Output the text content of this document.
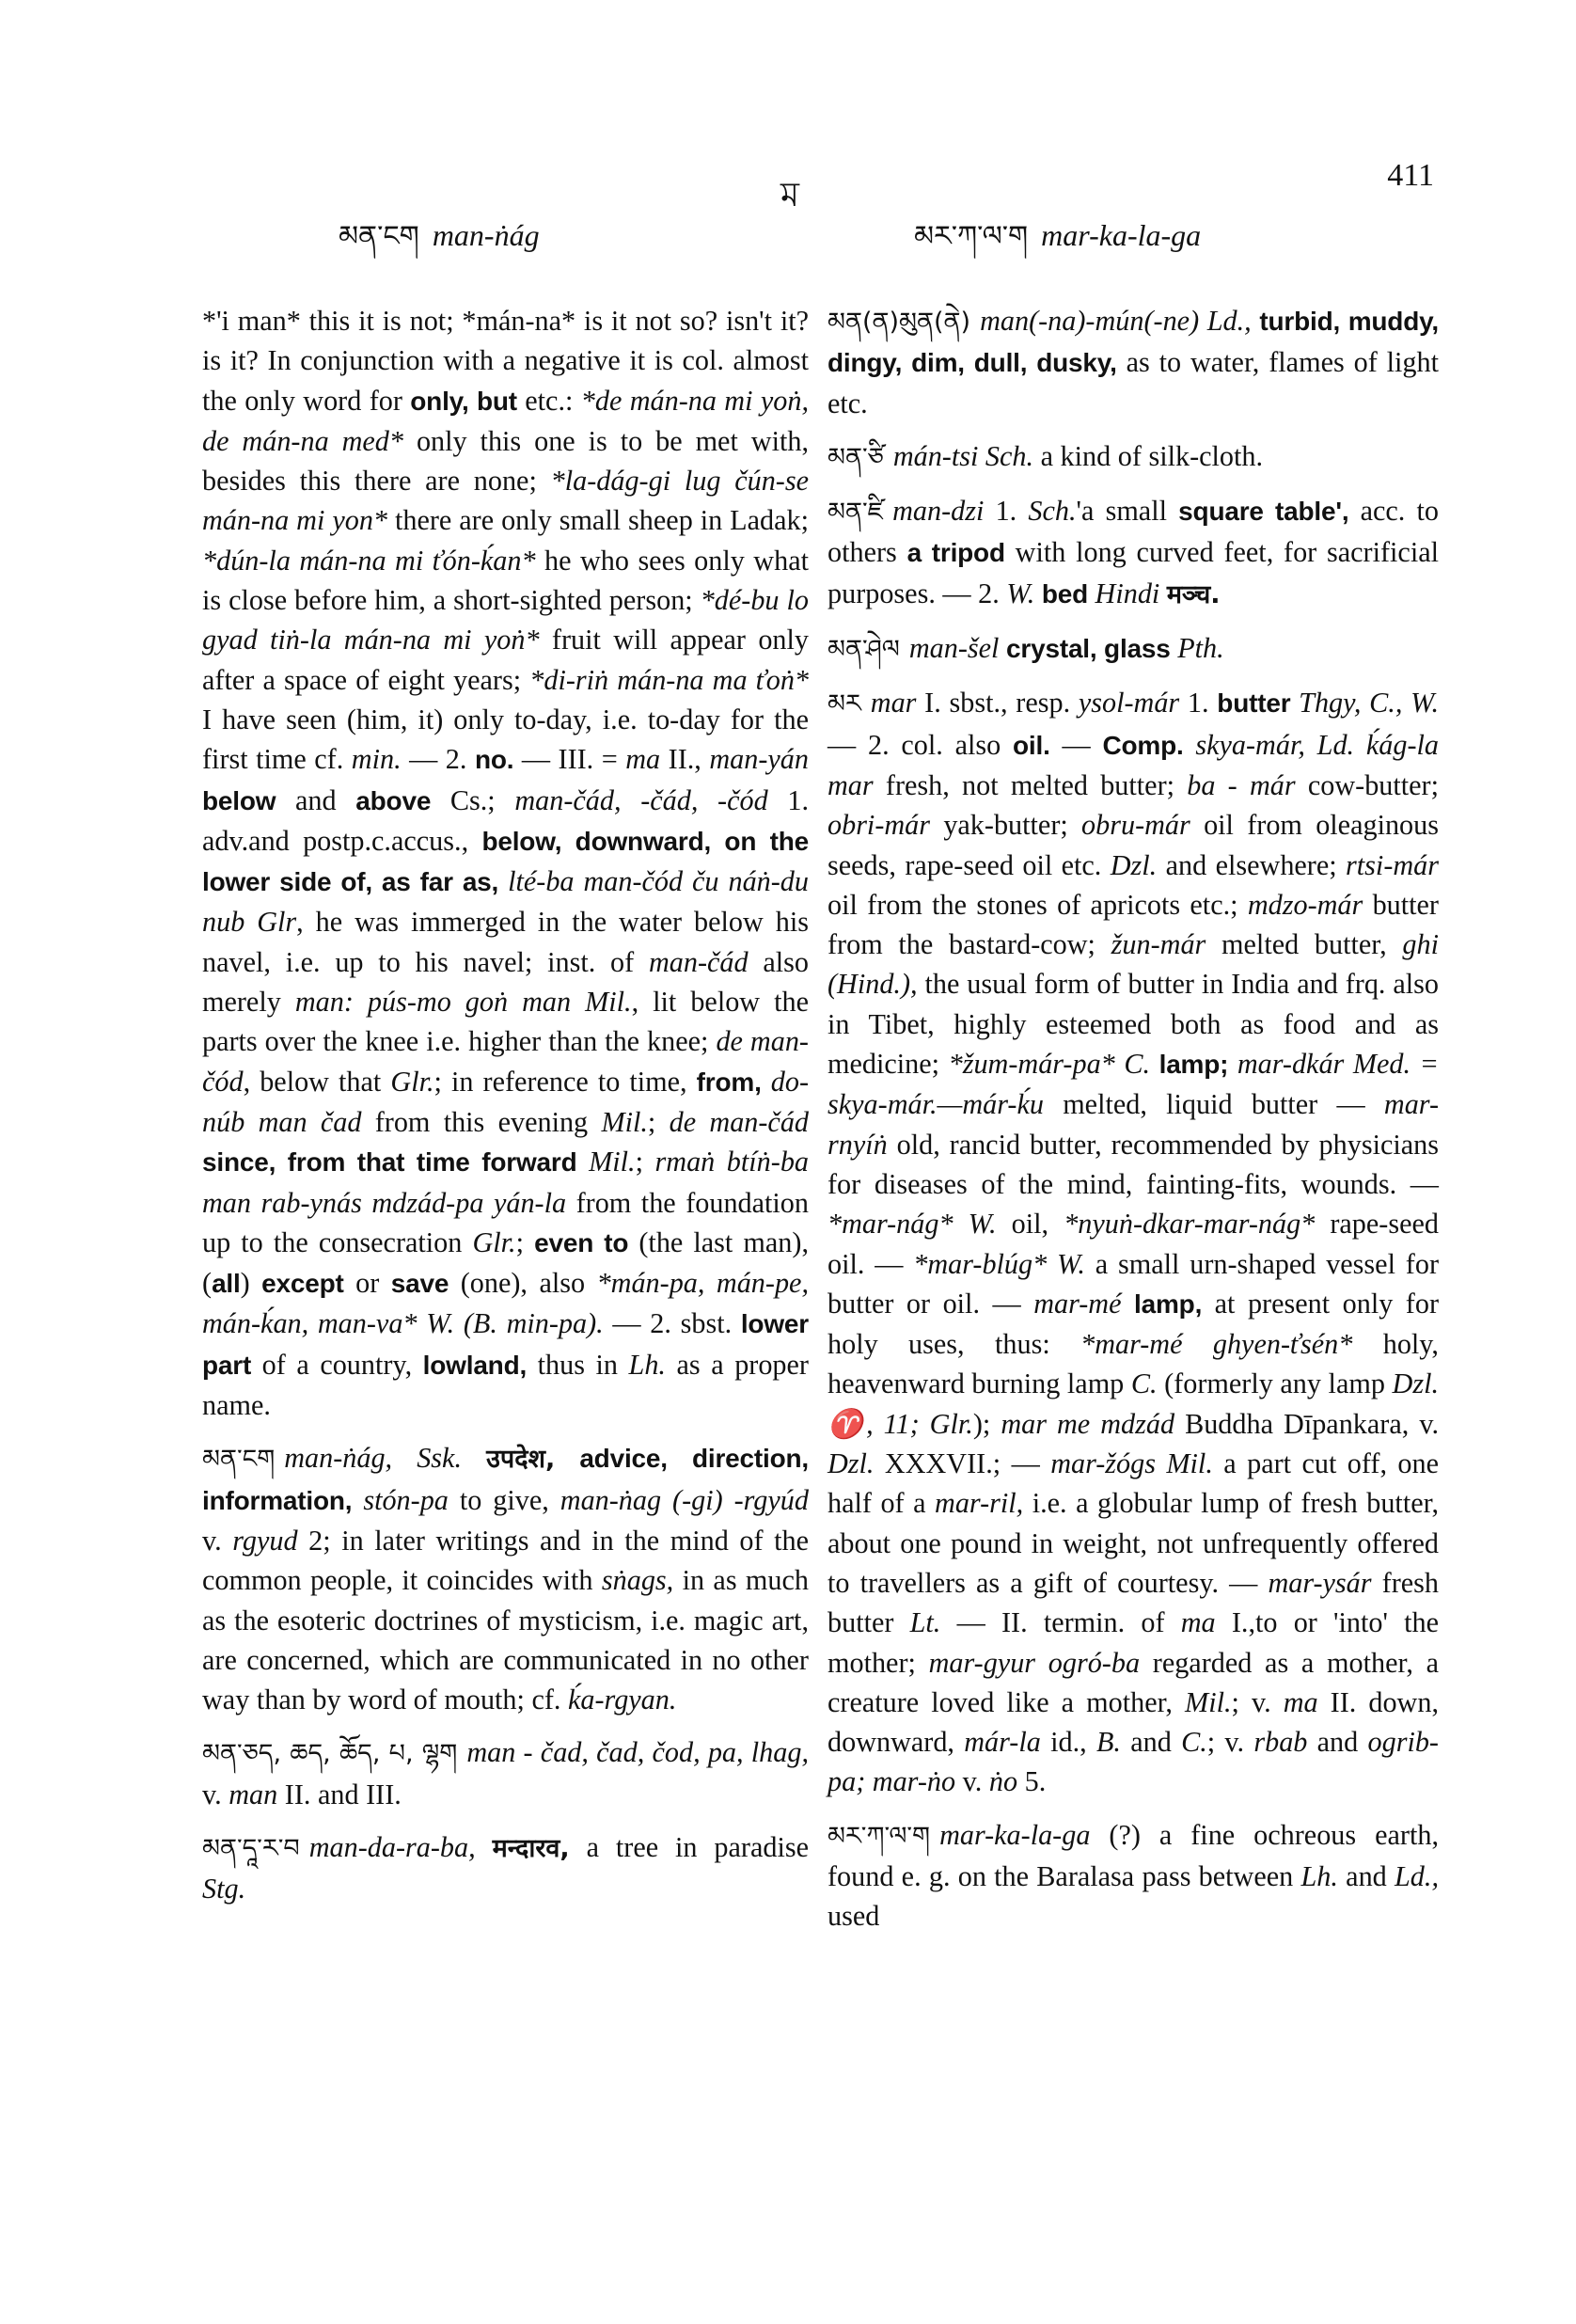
ম
411
མན་ངག man-ṅág	མར་ཀ་ལ་ག mar-ka-la-ga

*'i man* this it is not; *mán-na* is it not so? isn't it? is it? In conjunction with a negative it is col. almost the only word for only, but etc.: *de mán-na mi yoṅ, de mán-na med* only this one is to be met with, besides this there are none; *la-dág-gi lug čún-se mán-na mi yon* there are only small sheep in Ladak; *dún-la mán-na mi ťón-ḱan* he who sees only what is close before him, a short-sighted person; *dé-bu lo gyad tiṅ-la mán-na mi yoṅ* fruit will appear only after a space of eight years; *di-riṅ mán-na ma ťoṅ* I have seen (him, it) only to-day, i.e. to-day for the first time cf. min. — 2. no. — III. = ma II., man-yán below and above Cs.; man-čád, -čád, -čód 1. adv.and postp.c.accus., below, downward, on the lower side of, as far as, lté-ba man-čód ču náṅ-du nub Glr, he was immerged in the water below his navel, i.e. up to his navel; inst. of man-čád also merely man: pús-mo goṅ man Mil., lit below the parts over the knee i.e. higher than the knee; de man-čód, below that Glr.; in reference to time, from, do-núb man čad from this evening Mil.; de man-čád since, from that time forward Mil.; rmaṅ btíṅ-ba man rab-ynás mdzád-pa yán-la from the foundation up to the consecration Glr.; even to (the last man), (all) except or save (one), also *mán-pa, mán-pe, mán-ḱan, man-va* W. (B. min-pa). — 2. sbst. lower part of a country, lowland, thus in Lh. as a proper name.

མན་ངག man-ṅág, Ssk. उपदेश, advice, direction, information, stón-pa to give, man-ṅag (-gi) -rgyúd v. rgyud 2; in later writings and in the mind of the common people, it coincides with sṅags, in as much as the esoteric doctrines of mysticism, i.e. magic art, are concerned, which are communicated in no other way than by word of mouth; cf. ḱa-rgyan.

མན་ཅད, ཆད, ཆོད, པ, ལྷག man - čad, čad, čod, pa, lhag, v. man II. and III.

མན་དཱ་ར་བ man-da-ra-ba, मन्दारव, a tree in paradise Stg.

མན(ན)མུན(ནེ) man(-na)-mún(-ne) Ld., turbid, muddy, dingy, dim, dull, dusky, as to water, flames of light etc.

མན་ཙི mán-tsi Sch. a kind of silk-cloth.

མན་ཛི man-dzi 1. Sch.'a small square table', acc. to others a tripod with long curved feet, for sacrificial purposes. — 2. W. bed Hindi मञ्च.

མན་ཤེལ man-šel crystal, glass Pth.

མར mar I. sbst., resp. ysol-már 1. butter Thgy, C., W. — 2. col. also oil. — Comp. skya-már, Ld. ḱág-la mar fresh, not melted butter; ba - már cow-butter; obri-már yak-butter; obru-már oil from oleaginous seeds, rape-seed oil etc. Dzl. and elsewhere; rtsi-már oil from the stones of apricots etc.; mdzo-már butter from the bastard-cow; žun-már melted butter, ghi (Hind.), the usual form of butter in India and frq. also in Tibet, highly esteemed both as food and as medicine; *žum-már-pa* C. lamp; mar-dkár Med. = skya-már.—már-ḱu melted, liquid butter — mar-rnyíṅ old, rancid butter, recommended by physicians for diseases of the mind, fainting-fits, wounds. — *mar-nág* W. oil, *nyuṅ-dkar-mar-nág* rape-seed oil. — *mar-blúg* W. a small urn-shaped vessel for butter or oil. — mar-mé lamp, at present only for holy uses, thus: *mar-mé ghyen-ťsén* holy, heavenward burning lamp C. (formerly any lamp Dzl. ♈, 11; Glr.); mar me mdzád Buddha Dīpankara, v. Dzl. XXXVII.; — mar-žógs Mil. a part cut off, one half of a mar-ril, i.e. a globular lump of fresh butter, about one pound in weight, not unfrequently offered to travellers as a gift of courtesy. — mar-ysár fresh butter Lt. — II. termin. of ma I.,to or 'into' the mother; mar-gyur ogró-ba regarded as a mother, a creature loved like a mother, Mil.; v. ma II. down, downward, már-la id., B. and C.; v. rbab and ogrib-pa; mar-ṅo v. ṅo 5.

མར་ཀ་ལ་ག mar-ka-la-ga (?) a fine ochreous earth, found e. g. on the Baralasa pass between Lh. and Ld., used
